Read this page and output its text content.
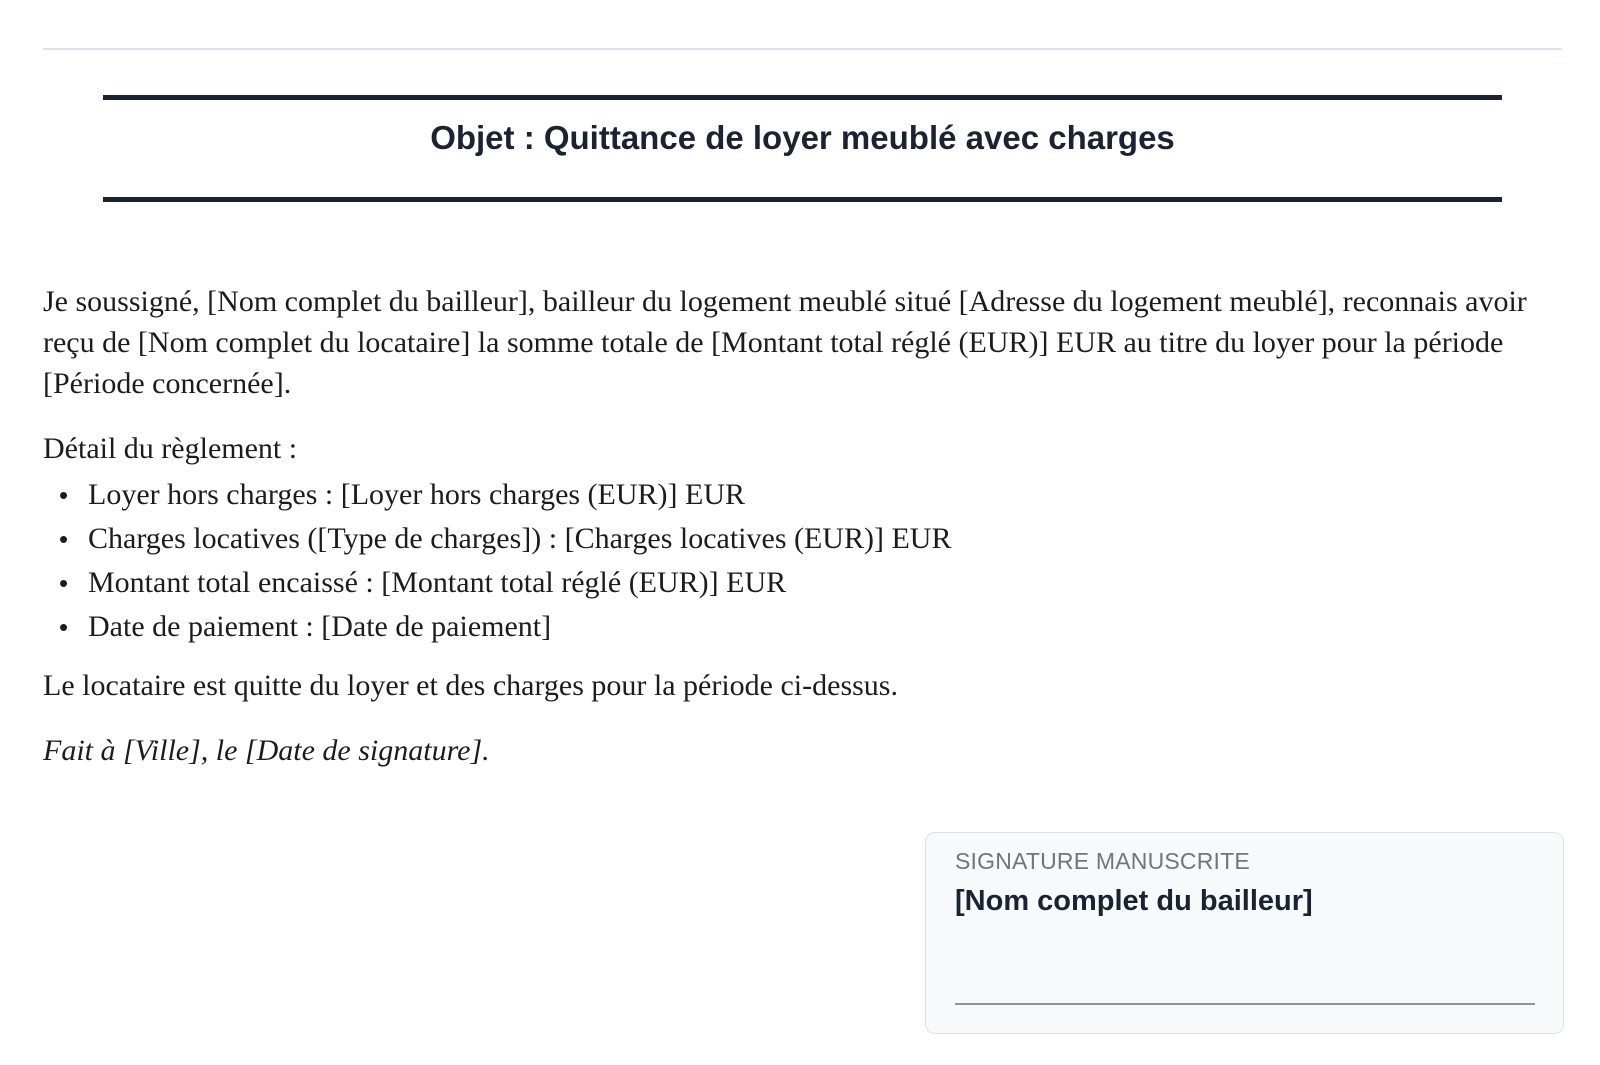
Objet : Quittance de loyer meublé avec charges

Je soussigné, [Nom complet du bailleur], bailleur du logement meublé situé [Adresse du logement meublé], reconnais avoir reçu de [Nom complet du locataire] la somme totale de [Montant total réglé (EUR)] EUR au titre du loyer pour la période [Période concernée].

Détail du règlement :

• Loyer hors charges : [Loyer hors charges (EUR)] EUR
• Charges locatives ([Type de charges]) : [Charges locatives (EUR)] EUR
• Montant total encaissé : [Montant total réglé (EUR)] EUR
• Date de paiement : [Date de paiement]

Le locataire est quitte du loyer et des charges pour la période ci-dessus.

Fait à [Ville], le [Date de signature].

SIGNATURE MANUSCRITE
[Nom complet du bailleur]
